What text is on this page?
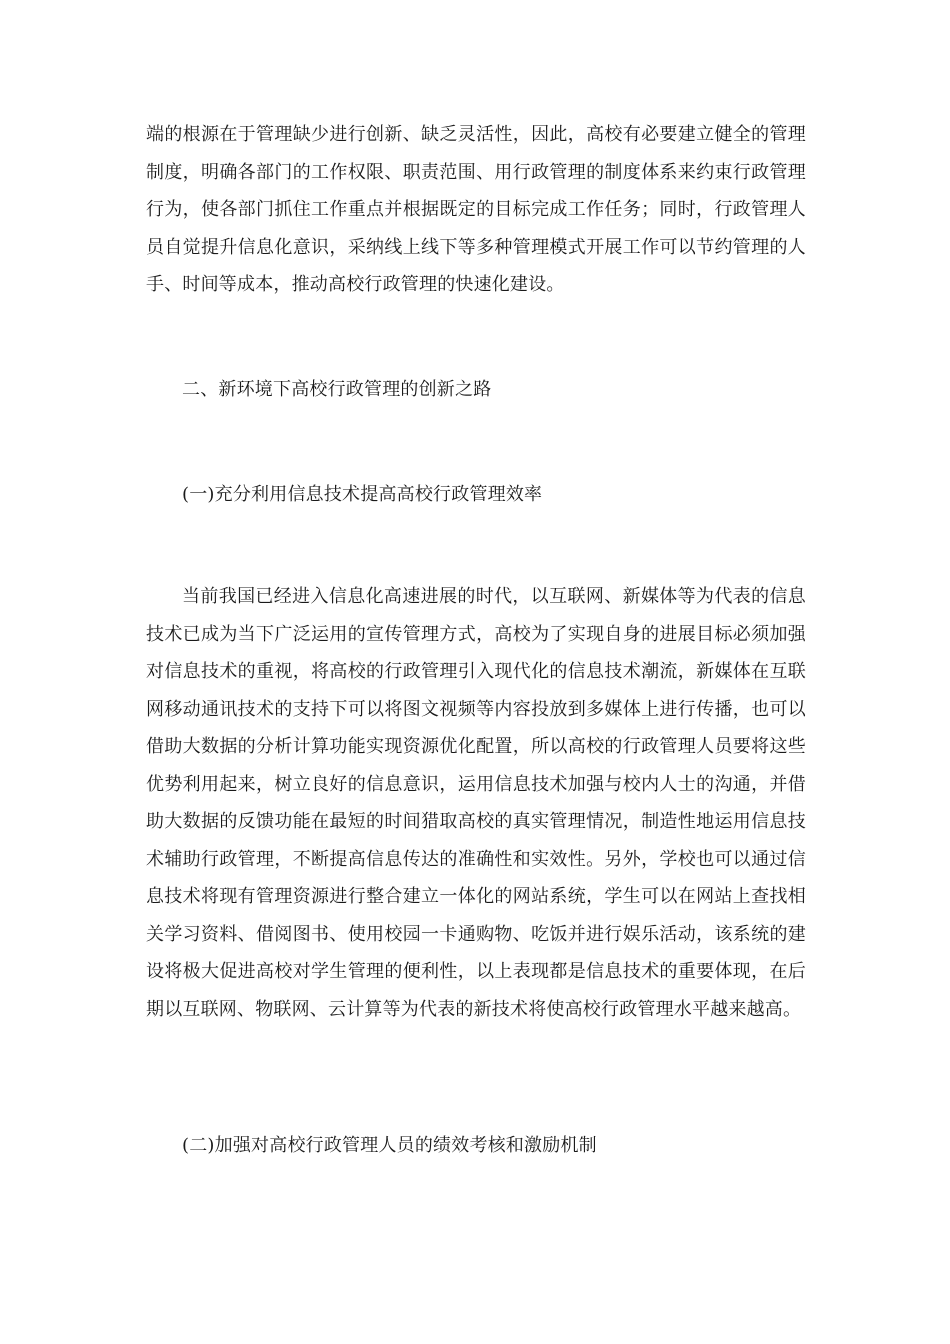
端的根源在于管理缺少进行创新、缺乏灵活性，因此，高校有必要建立健全的管理制度，明确各部门的工作权限、职责范围、用行政管理的制度体系来约束行政管理行为，使各部门抓住工作重点并根据既定的目标完成工作任务；同时，行政管理人员自觉提升信息化意识，采纳线上线下等多种管理模式开展工作可以节约管理的人手、时间等成本，推动高校行政管理的快速化建设。

二、新环境下高校行政管理的创新之路

(一)充分利用信息技术提高高校行政管理效率

当前我国已经进入信息化高速进展的时代，以互联网、新媒体等为代表的信息技术已成为当下广泛运用的宣传管理方式，高校为了实现自身的进展目标必须加强对信息技术的重视，将高校的行政管理引入现代化的信息技术潮流，新媒体在互联网移动通讯技术的支持下可以将图文视频等内容投放到多媒体上进行传播，也可以借助大数据的分析计算功能实现资源优化配置，所以高校的行政管理人员要将这些优势利用起来，树立良好的信息意识，运用信息技术加强与校内人士的沟通，并借助大数据的反馈功能在最短的时间猎取高校的真实管理情况，制造性地运用信息技术辅助行政管理，不断提高信息传达的准确性和实效性。另外，学校也可以通过信息技术将现有管理资源进行整合建立一体化的网站系统，学生可以在网站上查找相关学习资料、借阅图书、使用校园一卡通购物、吃饭并进行娱乐活动，该系统的建设将极大促进高校对学生管理的便利性，以上表现都是信息技术的重要体现，在后期以互联网、物联网、云计算等为代表的新技术将使高校行政管理水平越来越高。

(二)加强对高校行政管理人员的绩效考核和激励机制
